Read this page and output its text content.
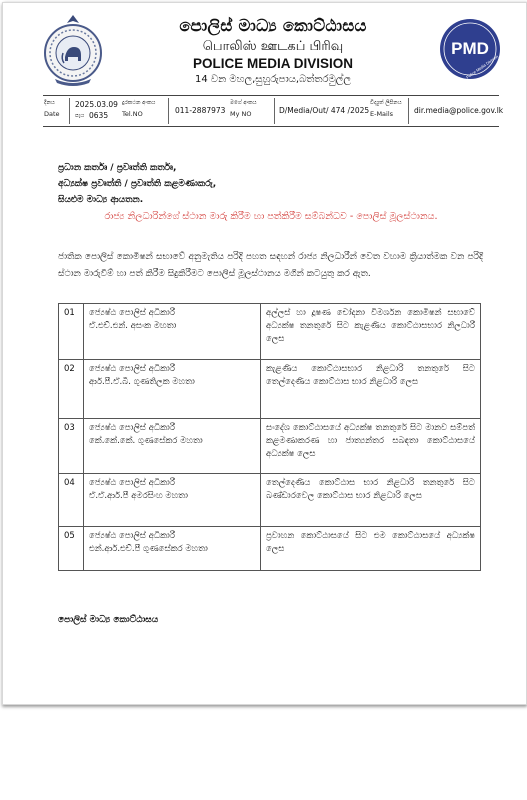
පොලිස් මාධ්‍ය කොට්ඨාසය
பொலிஸ் ஊடகப் பிரிவு
POLICE MEDIA DIVISION
14 වන මහල,සුහුරුපාය,බත්තරමුල්ල
PMD
Police Media Division
දිනය
Date
2025.03.09
පැය 0635
දුරකථන අංකය
Tel.NO	011-2887973
මගේ අංකය
My NO	D/Media/Out/ 474 /2025
විද්‍යුත් ලිපිනය
E-Mails	dir.media@police.gov.lk
ප්‍රධාන කර්තෘ / ප්‍රවෘත්ති කර්තෘ,
අධ්‍යක්ෂ ප්‍රවෘත්ති / ප්‍රවෘත්ති කළමණාකරු,
සියළුම මාධ්‍ය ආයතන.
රාජ්‍ය නිලධාරින්ගේ ස්ථාන මාරු කිරීම හා පත්කිරීම සම්බන්ධව - පොලිස් මූලස්ථානය.
ජාතික පොලිස් කොමිෂන් සභාවේ අනුමැතිය පරිදි පහත සඳහන් රාජ්‍ය නිලධාරීන් වෙත වහාම ක්‍රියාත්මක වන පරිදි ස්ථාන මාරුවීම් හා පත් කිරීම සිදුකිරීමට පොලිස් මූලස්ථානය මගින් කටයුතු කර ඇත.
01	ජ්‍යෙෂ්ඨ පොලිස් අධිකාරී
ඒ.එච්.එන්. අසංක මහතා	අල්ලස් හා දූෂණ චෝදනා විමර්ශන කොමිෂන් සභාවේ අධ්‍යක්ෂ තනතුරේ සිට කැළණිය කොට්ඨාසභාර නිලධාරී ලෙස
02	ජ්‍යෙෂ්ඨ පොලිස් අධිකාරී
ආර්.පී.ඒ.බී. ගුණතිලක මහතා	කැළණිය කොට්ඨාසභාර නිළධාරි තනතුරේ සිට තෙල්දෙණිය කොට්ඨාස භාර නිළධාරි ලෙස
03	ජ්‍යෙෂ්ඨ පොලිස් අධිකාරී
කේ.කේ.කේ. ගුණසේකර මහතා	සංදේශ කොට්ඨාසයේ අධ්‍යක්ෂ තනතුරේ සිට මානව සම්පත් කළමණාකරණ හා ජාත්‍යන්තර සබඳතා කොට්ඨාසයේ අධ්‍යක්ෂ ලෙස
04	ජ්‍යෙෂ්ඨ පොලිස් අධිකාරී
ඒ.ඒ.ආර්.පී අමරසිංහ මහතා	තෙල්දෙණිය කොට්ඨාස භාර නිළධාරි තනතුරේ සිට බණ්ඩාරවෙල කොට්ඨාස භාර නිළධාරි ලෙස
05	ජ්‍යෙෂ්ඨ පොලිස් අධිකාරී
එන්.ආර්.එච්.පී ගුණසේකර මහතා	ප්‍රවාහන කොට්ඨාසයේ සිට එම කොට්ඨාසයේ අධ්‍යක්ෂ ලෙස
පොලිස් මාධ්‍ය කොට්ඨාසය
